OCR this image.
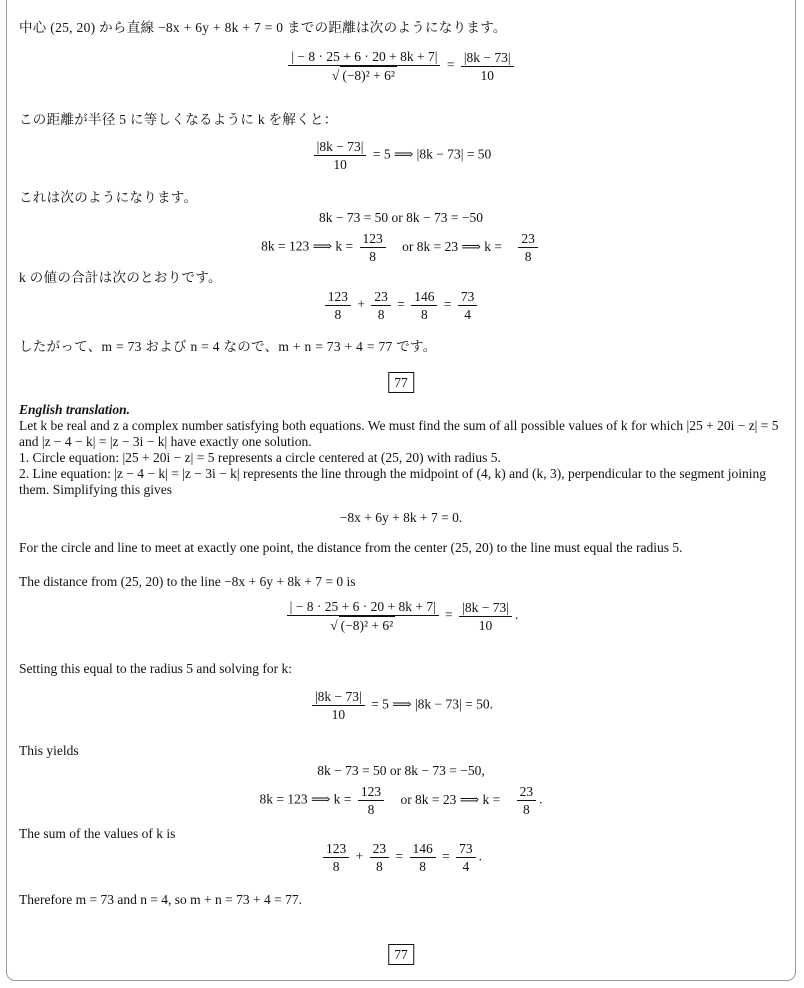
中心 (25, 20) から直線 −8x + 6y + 8k + 7 = 0 までの距離は次のようになります。
$\frac{| - 8 \cdot 25 + 6 \cdot 20 + 8k + 7|}{\text{√ (−8)² + 6²}} = \frac{|8k - 73|}{10}$
この距離が半径 5 に等しくなるように k を解くと：
$\frac{|8k - 73|}{10} = 5$ ⟹ |8k − 73| = 50
これは次のようになります。
8k − 73 = 50 or 8k − 73 = −50
8k = 123 ⟹ $k = \frac{123}{8}$ or 8k = 23 ⟹ $k = \frac{23}{8}$
k の値の合計は次のとおりです。
$\frac{123}{8} + \frac{23}{8} = \frac{146}{8} = \frac{73}{4}$
したがって、m = 73 および n = 4 なので、m + n = 73 + 4 = 77 です。
77
English translation.
Let k be real and z a complex number satisfying both equations. We must find the sum of all possible values of k for which |25 + 20i − z| = 5 and |z − 4 − k| = |z − 3i − k| have exactly one solution.
1. Circle equation: |25 + 20i − z| = 5 represents a circle centered at (25, 20) with radius 5.
2. Line equation: |z − 4 − k| = |z − 3i − k| represents the line through the midpoint of (4, k) and (k, 3), perpendicular to the segment joining them. Simplifying this gives
−8x + 6y + 8k + 7 = 0.
For the circle and line to meet at exactly one point, the distance from the center (25, 20) to the line must equal the radius 5.
The distance from (25, 20) to the line −8x + 6y + 8k + 7 = 0 is
$\frac{| - 8 \cdot 25 + 6 \cdot 20 + 8k + 7|}{\text{√ (−8)² + 6²}} = \frac{|8k - 73|}{10}$ .
Setting this equal to the radius 5 and solving for k:
$\frac{|8k - 73|}{10} = 5$ ⟹ |8k − 73| = 50.
This yields
8k − 73 = 50 or 8k − 73 = −50,
8k = 123 ⟹ $k = \frac{123}{8}$ or 8k = 23 ⟹ $k = \frac{23}{8}$ .
The sum of the values of k is
$\frac{123}{8} + \frac{23}{8} = \frac{146}{8} = \frac{73}{4}$ .
Therefore m = 73 and n = 4, so m + n = 73 + 4 = 77.
77
